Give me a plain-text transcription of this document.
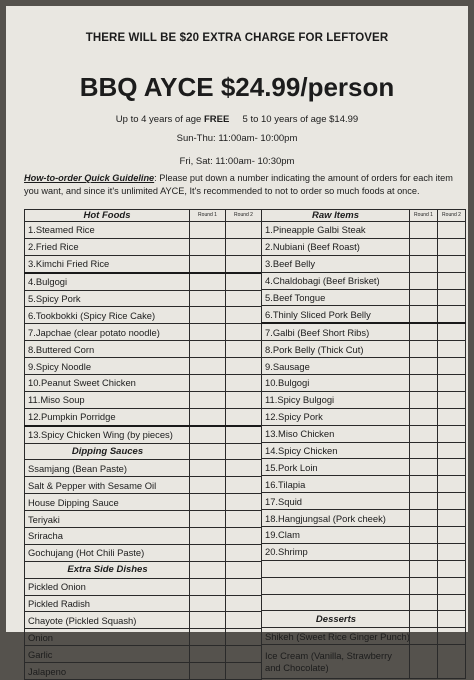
THERE WILL BE $20 EXTRA CHARGE FOR LEFTOVER
BBQ AYCE $24.99/person
Up to 4 years of age FREE     5 to 10 years of age $14.99
Sun-Thu: 11:00am- 10:00pm
Fri, Sat: 11:00am- 10:30pm
How-to-order Quick Guideline: Please put down a number indicating the amount of orders for each item you want, and since it's unlimited AYCE, It's recommended to not to order so much foods at once.
Hot Foods	Round 1	Round 2
1.Steamed Rice		
2.Fried Rice		
3.Kimchi Fried Rice		
4.Bulgogi		
5.Spicy Pork		
6.Tookbokki (Spicy Rice Cake)		
7.Japchae (clear potato noodle)		
8.Buttered Corn		
9.Spicy Noodle		
10.Peanut Sweet Chicken		
11.Miso Soup		
12.Pumpkin Porridge		
13.Spicy Chicken Wing (by pieces)		
Dipping Sauces		
Ssamjang (Bean Paste)		
Salt & Pepper with Sesame Oil		
House Dipping Sauce		
Teriyaki		
Sriracha		
Gochujang (Hot Chili Paste)		
Extra Side Dishes		
Pickled Onion		
Pickled Radish		
Chayote (Pickled Squash)		
Onion		
Garlic		
Jalapeno		
Raw Items	Round 1	Round 2
1.Pineapple Galbi Steak		
2.Nubiani (Beef Roast)		
3.Beef Belly		
4.Chaldobagi (Beef Brisket)		
5.Beef Tongue		
6.Thinly Sliced Pork Belly		
7.Galbi (Beef Short Ribs)		
8.Pork Belly (Thick Cut)		
9.Sausage		
10.Bulgogi		
11.Spicy Bulgogi		
12.Spicy Pork		
13.Miso Chicken		
14.Spicy Chicken		
15.Pork Loin		
16.Tilapia		
17.Squid		
18.Hangjungsal (Pork cheek)		
19.Clam		
20.Shrimp		

Desserts		
Shikeh (Sweet Rice Ginger Punch)		
Ice Cream (Vanilla, Strawberry and Chocolate)		
